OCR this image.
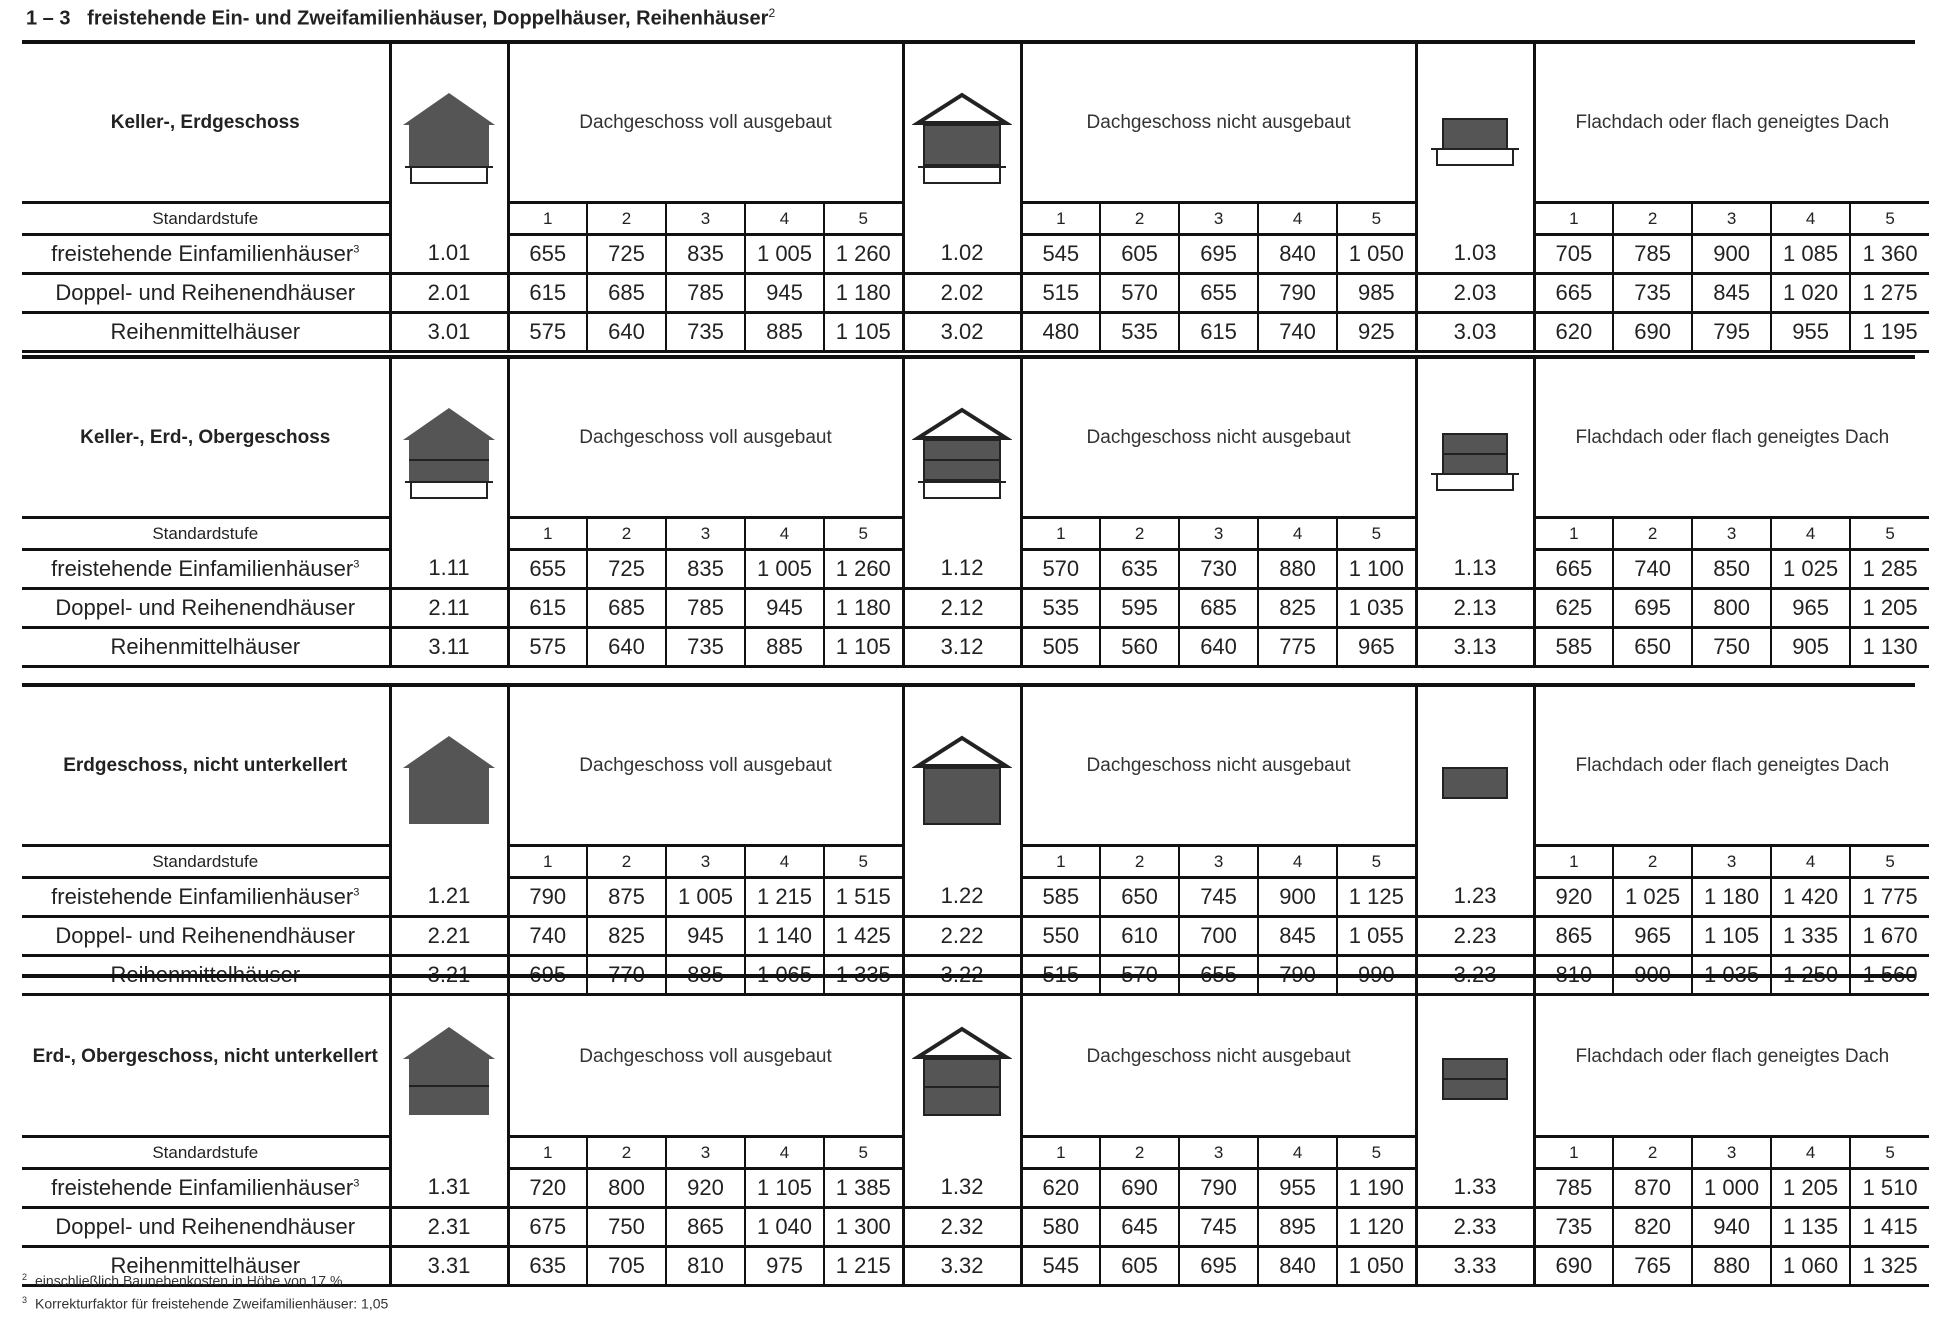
1 – 3 freistehende Ein- und Zweifamilienhäuser, Doppelhäuser, Reihenhäuser$^2$
Keller-, Erdgeschoss		Dachgeschoss voll ausgebaut						Dachgeschoss nicht ausgebaut						Flachdach oder flach geneigtes Dach				
Standardstufe		1	2	3	4	5		1	2	3	4	5		1	2	3	4	5
freistehende Einfamilienhäuser$^3$	1.01	655	725	835	1 005	1 260	1.02	545	605	695	840	1 050	1.03	705	785	900	1 085	1 360
Doppel- und Reihenendhäuser	2.01	615	685	785	945	1 180	2.02	515	570	655	790	985	2.03	665	735	845	1 020	1 275
Reihenmittelhäuser	3.01	575	640	735	885	1 105	3.02	480	535	615	740	925	3.03	620	690	795	955	1 195
Keller-, Erd-, Obergeschoss		Dachgeschoss voll ausgebaut						Dachgeschoss nicht ausgebaut						Flachdach oder flach geneigtes Dach				
Standardstufe		1	2	3	4	5		1	2	3	4	5		1	2	3	4	5
freistehende Einfamilienhäuser$^3$	1.11	655	725	835	1 005	1 260	1.12	570	635	730	880	1 100	1.13	665	740	850	1 025	1 285
Doppel- und Reihenendhäuser	2.11	615	685	785	945	1 180	2.12	535	595	685	825	1 035	2.13	625	695	800	965	1 205
Reihenmittelhäuser	3.11	575	640	735	885	1 105	3.12	505	560	640	775	965	3.13	585	650	750	905	1 130
Erdgeschoss, nicht unterkellert		Dachgeschoss voll ausgebaut						Dachgeschoss nicht ausgebaut						Flachdach oder flach geneigtes Dach				
Standardstufe		1	2	3	4	5		1	2	3	4	5		1	2	3	4	5
freistehende Einfamilienhäuser$^3$	1.21	790	875	1 005	1 215	1 515	1.22	585	650	745	900	1 125	1.23	920	1 025	1 180	1 420	1 775
Doppel- und Reihenendhäuser	2.21	740	825	945	1 140	1 425	2.22	550	610	700	845	1 055	2.23	865	965	1 105	1 335	1 670
Reihenmittelhäuser	3.21	695	770	885	1 065	1 335	3.22	515	570	655	790	990	3.23	810	900	1 035	1 250	1 560
Erd-, Obergeschoss, nicht unterkellert		Dachgeschoss voll ausgebaut						Dachgeschoss nicht ausgebaut						Flachdach oder flach geneigtes Dach				
Standardstufe		1	2	3	4	5		1	2	3	4	5		1	2	3	4	5
freistehende Einfamilienhäuser$^3$	1.31	720	800	920	1 105	1 385	1.32	620	690	790	955	1 190	1.33	785	870	1 000	1 205	1 510
Doppel- und Reihenendhäuser	2.31	675	750	865	1 040	1 300	2.32	580	645	745	895	1 120	2.33	735	820	940	1 135	1 415
Reihenmittelhäuser	3.31	635	705	810	975	1 215	3.32	545	605	695	840	1 050	3.33	690	765	880	1 060	1 325
$^2$ einschließlich Baunebenkosten in Höhe von 17 %
$^3$ Korrekturfaktor für freistehende Zweifamilienhäuser: 1,05
